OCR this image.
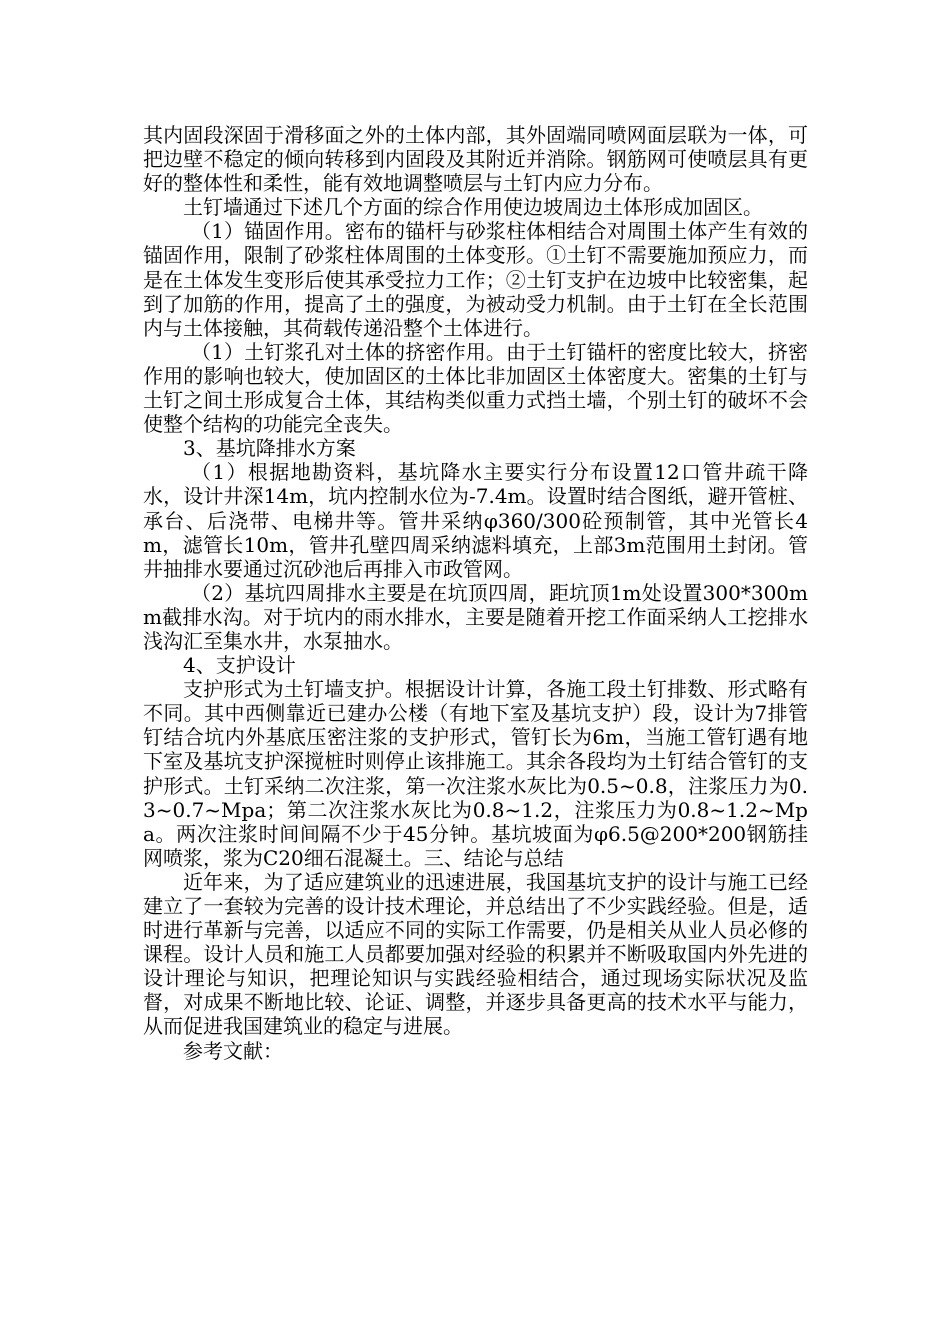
其内固段深固于滑移面之外的土体内部，其外固端同喷网面层联为一体，可把边壁不稳定的倾向转移到内固段及其附近并消除。钢筋网可使喷层具有更好的整体性和柔性，能有效地调整喷层与土钉内应力分布。

土钉墙通过下述几个方面的综合作用使边坡周边土体形成加固区。

（1）锚固作用。密布的锚杆与砂浆柱体相结合对周围土体产生有效的锚固作用，限制了砂浆柱体周围的土体变形。①土钉不需要施加预应力，而是在土体发生变形后使其承受拉力工作；②土钉支护在边坡中比较密集，起到了加筋的作用，提高了土的强度，为被动受力机制。由于土钉在全长范围内与土体接触，其荷载传递沿整个土体进行。

（1）土钉浆孔对土体的挤密作用。由于土钉锚杆的密度比较大，挤密作用的影响也较大，使加固区的土体比非加固区土体密度大。密集的土钉与土钉之间土形成复合土体，其结构类似重力式挡土墙，个别土钉的破坏不会使整个结构的功能完全丧失。

3、基坑降排水方案

（1）根据地勘资料，基坑降水主要实行分布设置12口管井疏干降水，设计井深14m，坑内控制水位为-7.4m。设置时结合图纸，避开管桩、承台、后浇带、电梯井等。管井采纳φ360/300砼预制管，其中光管长4m，滤管长10m，管井孔壁四周采纳滤料填充，上部3m范围用土封闭。管井抽排水要通过沉砂池后再排入市政管网。

（2）基坑四周排水主要是在坑顶四周，距坑顶1m处设置300*300mm截排水沟。对于坑内的雨水排水，主要是随着开挖工作面采纳人工挖排水浅沟汇至集水井，水泵抽水。

4、支护设计

支护形式为土钉墙支护。根据设计计算，各施工段土钉排数、形式略有不同。其中西侧靠近已建办公楼（有地下室及基坑支护）段，设计为7排管钉结合坑内外基底压密注浆的支护形式，管钉长为6m，当施工管钉遇有地下室及基坑支护深搅桩时则停止该排施工。其余各段均为土钉结合管钉的支护形式。土钉采纳二次注浆，第一次注浆水灰比为0.5~0.8，注浆压力为0.3~0.7~Mpa；第二次注浆水灰比为0.8~1.2，注浆压力为0.8~1.2~Mpa。两次注浆时间间隔不少于45分钟。基坑坡面为φ6.5@200*200钢筋挂网喷浆，浆为C20细石混凝土。三、结论与总结

近年来，为了适应建筑业的迅速进展，我国基坑支护的设计与施工已经建立了一套较为完善的设计技术理论，并总结出了不少实践经验。但是，适时进行革新与完善，以适应不同的实际工作需要，仍是相关从业人员必修的课程。设计人员和施工人员都要加强对经验的积累并不断吸取国内外先进的设计理论与知识，把理论知识与实践经验相结合，通过现场实际状况及监督，对成果不断地比较、论证、调整，并逐步具备更高的技术水平与能力，从而促进我国建筑业的稳定与进展。

参考文献：
